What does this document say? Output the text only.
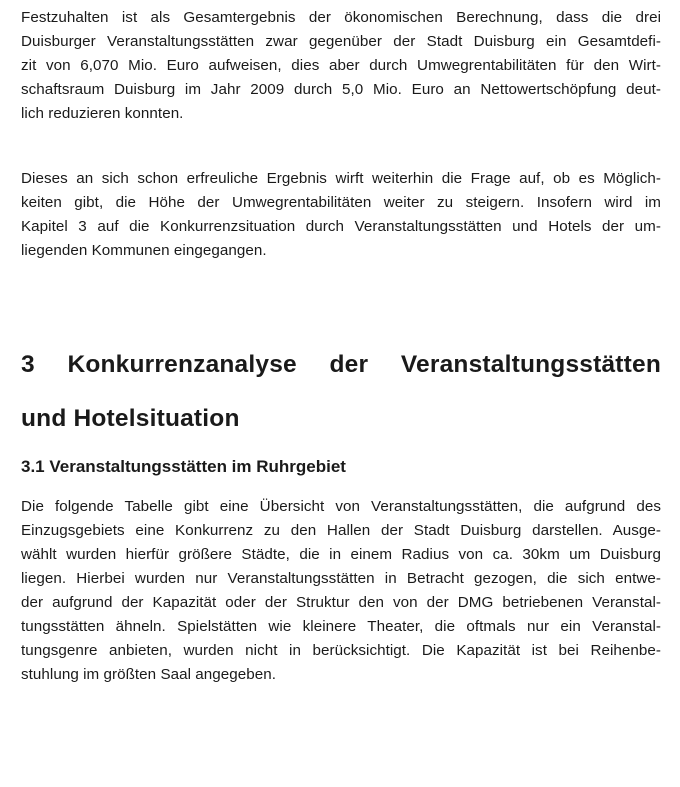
Festzuhalten ist als Gesamtergebnis der ökonomischen Berechnung, dass die drei
Duisburger Veranstaltungsstätten zwar gegenüber der Stadt Duisburg ein Gesamtdefi-
zit von 6,070 Mio. Euro aufweisen, dies aber durch Umwegrentabilitäten für den Wirt-
schaftsraum Duisburg im Jahr 2009 durch 5,0 Mio. Euro an Nettowertschöpfung deut-
lich reduzieren konnten.
Dieses an sich schon erfreuliche Ergebnis wirft weiterhin die Frage auf, ob es Möglich-
keiten gibt, die Höhe der Umwegrentabilitäten weiter zu steigern. Insofern wird im
Kapitel 3 auf die Konkurrenzsituation durch Veranstaltungsstätten und Hotels der um-
liegenden Kommunen eingegangen.
3 Konkurrenzanalyse der Veranstaltungsstätten
und Hotelsituation
3.1 Veranstaltungsstätten im Ruhrgebiet
Die folgende Tabelle gibt eine Übersicht von Veranstaltungsstätten, die aufgrund des
Einzugsgebiets eine Konkurrenz zu den Hallen der Stadt Duisburg darstellen. Ausge-
wählt wurden hierfür größere Städte, die in einem Radius von ca. 30km um Duisburg
liegen. Hierbei wurden nur Veranstaltungsstätten in Betracht gezogen, die sich entwe-
der aufgrund der Kapazität oder der Struktur den von der DMG betriebenen Veranstal-
tungsstätten ähneln. Spielstätten wie kleinere Theater, die oftmals nur ein Veranstal-
tungsgenre anbieten, wurden nicht in berücksichtigt. Die Kapazität ist bei Reihenbe-
stuhlung im größten Saal angegeben.
